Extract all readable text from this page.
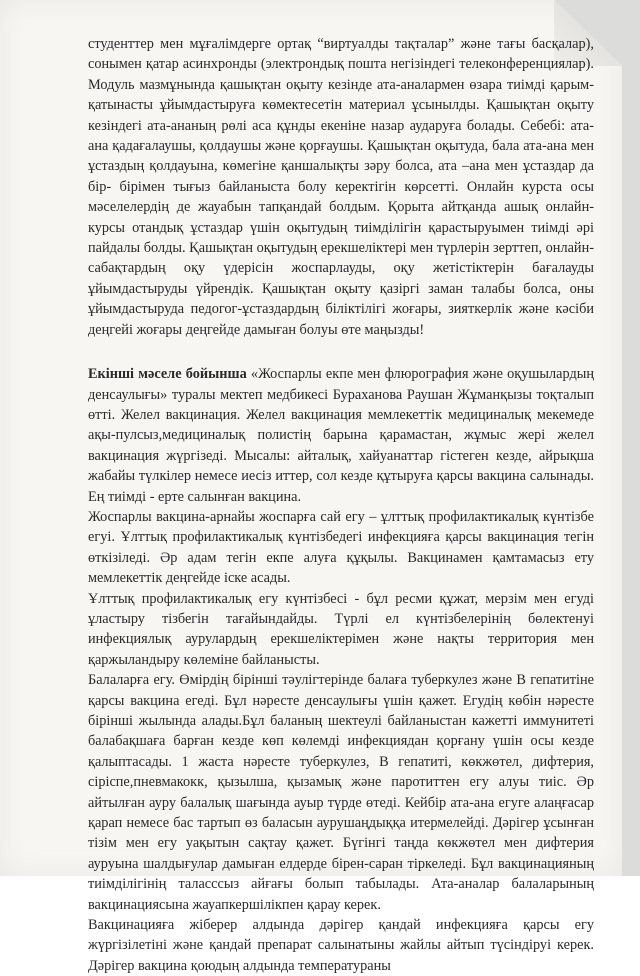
студенттер мен мұғалімдерге ортақ “виртуалды тақталар” және тағы басқалар), сонымен қатар асинхронды (электрондық пошта негізіндегі телеконференциялар). Модуль мазмұнында қашықтан оқыту кезінде ата-аналармен өзара тиімді қарым-қатынасты ұйымдастыруға көмектесетін материал ұсынылды. Қашықтан оқыту кезіндегі ата-ананың рөлі аса құнды екеніне назар аударуға болады. Себебі: ата-ана қадағалаушы, қолдаушы және қорғаушы. Қашықтан оқытуда, бала ата-ана мен ұстаздың қолдауына, көмегіне қаншалықты зәру болса, ата –ана мен ұстаздар да бір- бірімен тығыз байланыста болу керектігін көрсетті. Онлайн курста осы мәселелердің де жауабын тапқандай болдым. Қорыта айтқанда ашық онлайн-курсы отандық ұстаздар үшін оқытудың тиімділігін қарастыруымен тиімді әрі пайдалы болды. Қашықтан оқытудың ерекшеліктері мен түрлерін зерттеп, онлайн-сабақтардың оқу үдерісін жоспарлауды, оқу жетістіктерін бағалауды ұйымдастыруды үйрендік. Қашықтан оқыту қазіргі заман талабы болса, оны ұйымдастыруда педогог-ұстаздардың біліктілігі жоғары, зияткерлік және кәсіби деңгейі жоғары деңгейде дамыған болуы өте маңызды!

Екінші мәселе бойынша «Жоспарлы екпе мен флюрография және оқушылардың денсаулығы» туралы мектеп медбикесі Бураханова Раушан Жұманқызы тоқталып өтті. Желел вакцинация. Желел вакцинация мемлекеттік медициналық мекемеде ақы-пулсыз,медициналық полистің барына қарамастан, жұмыс жері желел вакцинация жүргізеді. Мысалы: айталық, хайуанаттар гістеген кезде, айрықша жабайы түлкілер немесе иесіз иттер, сол кезде құтыруға қарсы вакцина салынады. Ең тиімді - ерте салынған вакцина.

Жоспарлы вакцина-арнайы жоспарға сай егу – ұлттық профилактикалық күнтізбе егуі. Ұлттық профилактикалық күнтізбедегі инфекцияға қарсы вакцинация тегін өткізіледі. Әр адам тегін екпе алуға құқылы. Вакцинамен қамтамасыз ету мемлекеттік деңгейде іске асады.

Ұлттық профилактикалық егу күнтізбесі - бұл ресми құжат, мерзім мен егуді ұластыру тізбегін тағайындайды. Түрлі ел күнтізбелерінің бөлектенуі инфекциялық аурулардың ерекшеліктерімен және нақты территория мен қаржыландыру көлеміне байланысты.

Балаларға егу. Өмірдің бірінші тәулігтерінде балаға туберкулез және В гепатитіне қарсы вакцина егеді. Бұл нәресте денсаулығы үшін қажет. Егудің көбін нәресте бірінші жылында алады.Бұл баланың шектеулі байланыстан кажетті иммунитеті балабақшаға барған кезде көп көлемді инфекциядан қорғану үшін осы кезде қалыптасады. 1 жаста нәресте туберкулез, В гепатиті, көкжөтел, дифтерия, сіріспе,пневмакокк, қызылша, қызамық және паротиттен егу алуы тиіс. Әр айтылған ауру балалық шағында ауыр түрде өтеді. Кейбір ата-ана егуге алаңғасар қарап немесе бас тартып өз баласын аурушаңдыққа итермелейді. Дәрігер ұсынған тізім мен егу уақытын сақтау қажет. Бүгінгі таңда көкжөтел мен дифтерия ауруына шалдығулар дамыған елдерде бірен-саран тіркеледі. Бұл вакцинацияның тиімділігінің таласссыз айғағы болып табылады. Ата-аналар балаларының вакцинациясына жауапкершілікпен қарау керек.

Вакцинацияға жіберер алдында дәрігер қандай инфекцияға қарсы егу жүргізілетіні және қандай препарат салынатыны жайлы айтып түсіндіруі керек. Дәрігер вакцина қоюдың алдында температураны
